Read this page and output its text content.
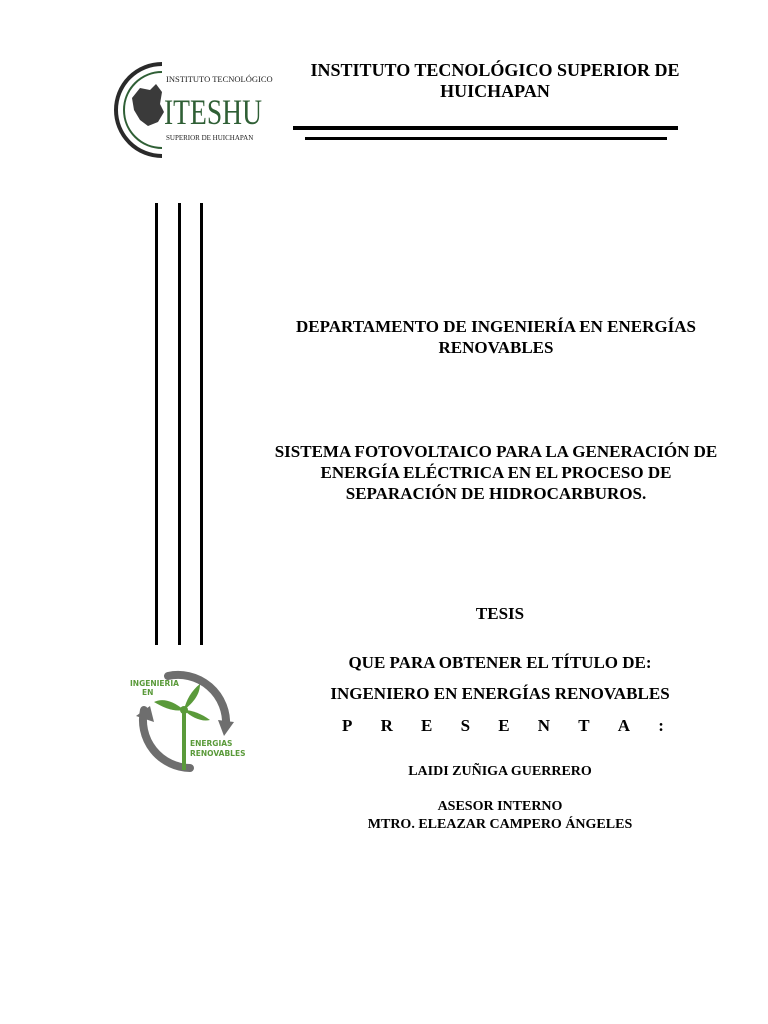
INSTITUTO TECNOLÓGICO
ITESHU
SUPERIOR DE HUICHAPAN
INSTITUTO TECNOLÓGICO SUPERIOR DE HUICHAPAN
DEPARTAMENTO DE INGENIERÍA EN ENERGÍAS RENOVABLES
SISTEMA FOTOVOLTAICO PARA LA GENERACIÓN DE ENERGÍA ELÉCTRICA EN EL PROCESO DE SEPARACIÓN DE HIDROCARBUROS.
TESIS
QUE PARA OBTENER EL TÍTULO DE:
INGENIERO EN ENERGÍAS RENOVABLES
P R E S E N T A :
LAIDI ZUÑIGA GUERRERO
ASESOR INTERNO
MTRO. ELEAZAR CAMPERO ÁNGELES
INGENIERIA
EN
ENERGIAS
RENOVABLES
